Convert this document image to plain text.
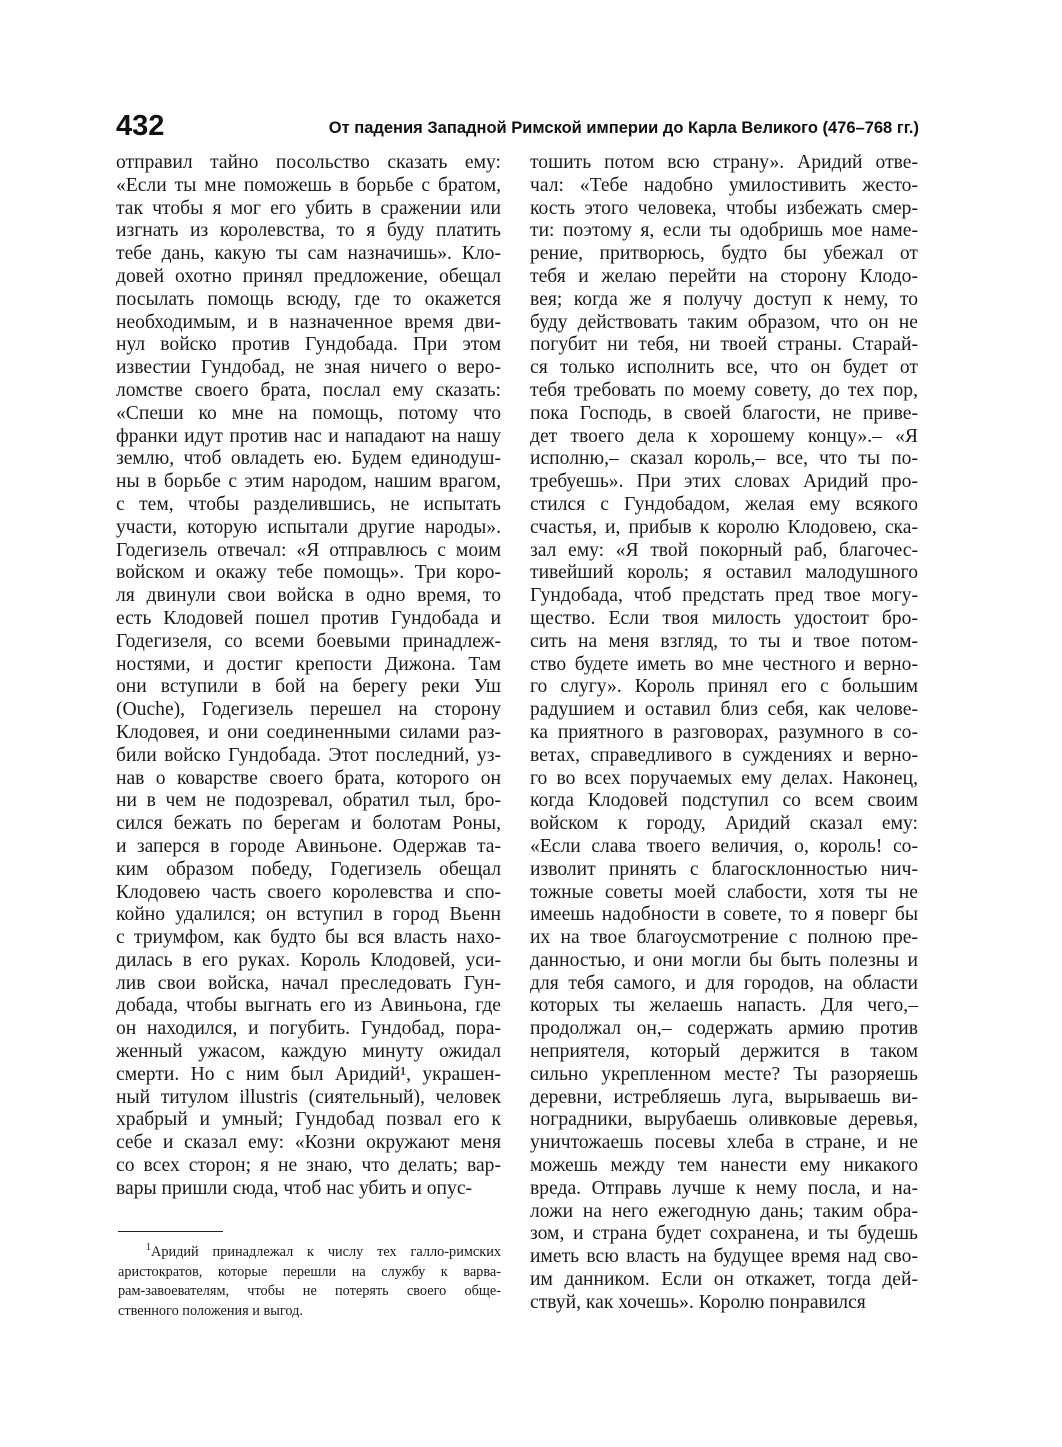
432	От падения Западной Римской империи до Карла Великого (476–768 гг.)
отправил тайно посольство сказать ему:
«Если ты мне поможешь в борьбе с братом,
так чтобы я мог его убить в сражении или
изгнать из королевства, то я буду платить
тебе дань, какую ты сам назначишь». Кло-
довей охотно принял предложение, обещал
посылать помощь всюду, где то окажется
необходимым, и в назначенное время дви-
нул войско против Гундобада. При этом
известии Гундобад, не зная ничего о веро-
ломстве своего брата, послал ему сказать:
«Спеши ко мне на помощь, потому что
франки идут против нас и нападают на нашу
землю, чтоб овладеть ею. Будем единодуш-
ны в борьбе с этим народом, нашим врагом,
с тем, чтобы разделившись, не испытать
участи, которую испытали другие народы».
Годегизель отвечал: «Я отправлюсь с моим
войском и окажу тебе помощь». Три коро-
ля двинули свои войска в одно время, то
есть Клодовей пошел против Гундобада и
Годегизеля, со всеми боевыми принадлеж-
ностями, и достиг крепости Дижона. Там
они вступили в бой на берегу реки Уш
(Ouche), Годегизель перешел на сторону
Клодовея, и они соединенными силами раз-
били войско Гундобада. Этот последний, уз-
нав о коварстве своего брата, которого он
ни в чем не подозревал, обратил тыл, бро-
сился бежать по берегам и болотам Роны,
и заперся в городе Авиньоне. Одержав та-
ким образом победу, Годегизель обещал
Клодовею часть своего королевства и спо-
койно удалился; он вступил в город Вьенн
с триумфом, как будто бы вся власть нахо-
дилась в его руках. Король Клодовей, уси-
лив свои войска, начал преследовать Гун-
добада, чтобы выгнать его из Авиньона, где
он находился, и погубить. Гундобад, пора-
женный ужасом, каждую минуту ожидал
смерти. Но с ним был Аридий¹, украшен-
ный титулом illustris (сиятельный), человек
храбрый и умный; Гундобад позвал его к
себе и сказал ему: «Козни окружают меня
со всех сторон; я не знаю, что делать; вар-
вары пришли сюда, чтоб нас убить и опус-
тошить потом всю страну». Аридий отве-
чал: «Тебе надобно умилостивить жесто-
кость этого человека, чтобы избежать смер-
ти: поэтому я, если ты одобришь мое наме-
рение, притворюсь, будто бы убежал от
тебя и желаю перейти на сторону Клодо-
вея; когда же я получу доступ к нему, то
буду действовать таким образом, что он не
погубит ни тебя, ни твоей страны. Старай-
ся только исполнить все, что он будет от
тебя требовать по моему совету, до тех пор,
пока Господь, в своей благости, не приве-
дет твоего дела к хорошему концу».– «Я
исполню,– сказал король,– все, что ты по-
требуешь». При этих словах Аридий про-
стился с Гундобадом, желая ему всякого
счастья, и, прибыв к королю Клодовею, ска-
зал ему: «Я твой покорный раб, благочес-
тивейший король; я оставил малодушного
Гундобада, чтоб предстать пред твое могу-
щество. Если твоя милость удостоит бро-
сить на меня взгляд, то ты и твое потом-
ство будете иметь во мне честного и верно-
го слугу». Король принял его с большим
радушием и оставил близ себя, как челове-
ка приятного в разговорах, разумного в со-
ветах, справедливого в суждениях и верно-
го во всех поручаемых ему делах. Наконец,
когда Клодовей подступил со всем своим
войском к городу, Аридий сказал ему:
«Если слава твоего величия, о, король! со-
изволит принять с благосклонностью нич-
тожные советы моей слабости, хотя ты не
имеешь надобности в совете, то я поверг бы
их на твое благоусмотрение с полною пре-
данностью, и они могли бы быть полезны и
для тебя самого, и для городов, на области
которых ты желаешь напасть. Для чего,–
продолжал он,– содержать армию против
неприятеля, который держится в таком
сильно укрепленном месте? Ты разоряешь
деревни, истребляешь луга, вырываешь ви-
ноградники, вырубаешь оливковые деревья,
уничтожаешь посевы хлеба в стране, и не
можешь между тем нанести ему никакого
вреда. Отправь лучше к нему посла, и на-
ложи на него ежегодную дань; таким обра-
зом, и страна будет сохранена, и ты будешь
иметь всю власть на будущее время над сво-
им данником. Если он откажет, тогда дей-
ствуй, как хочешь». Королю понравился
$^1$Аридий принадлежал к числу тех галло-римских
аристократов, которые перешли на службу к варва-
рам-завоевателям, чтобы не потерять своего обще-
ственного положения и выгод.
